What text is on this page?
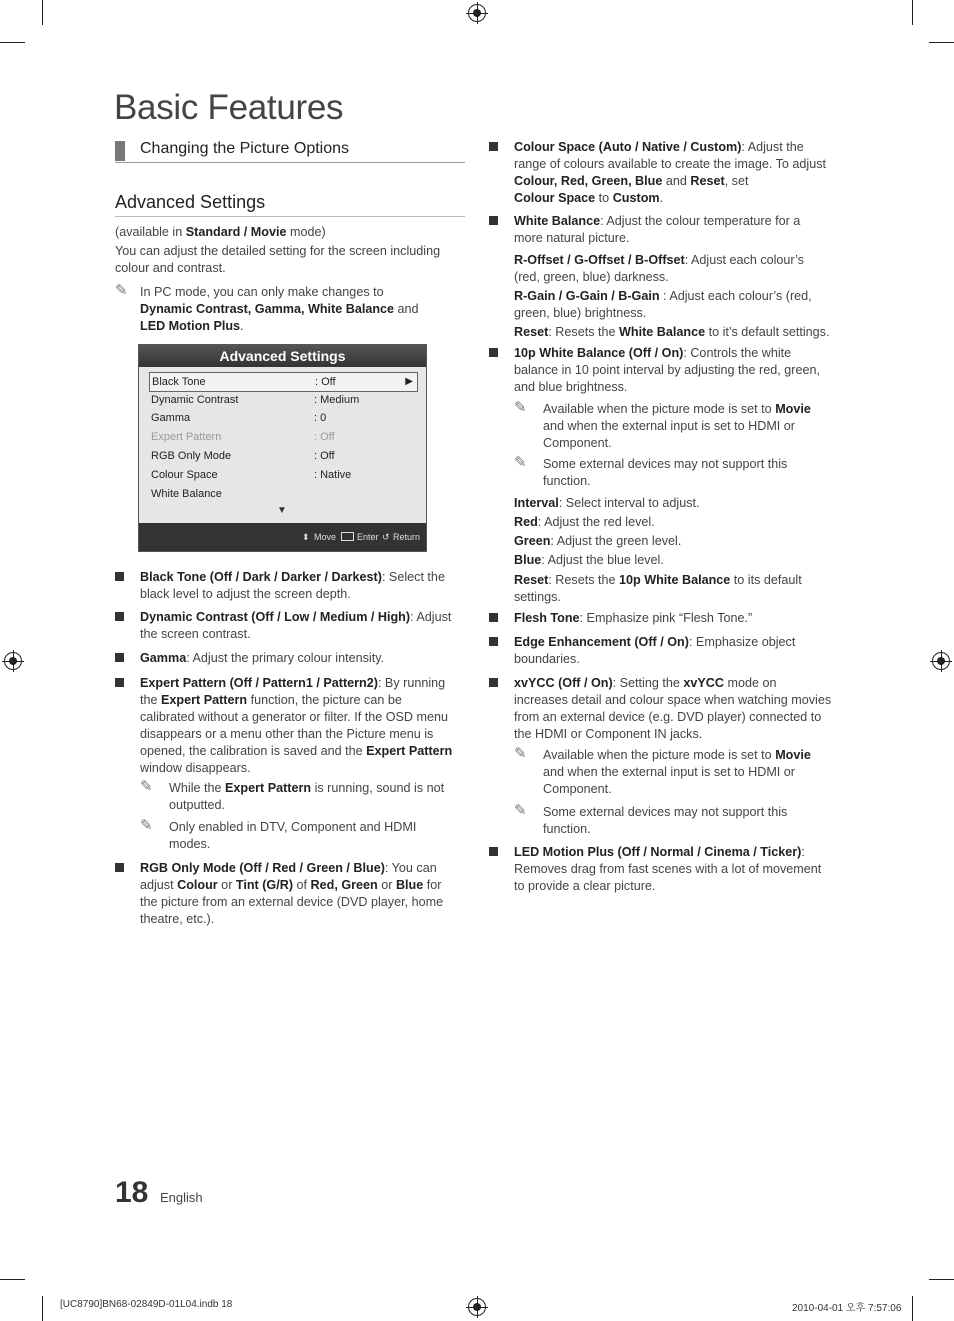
Basic Features
Changing the Picture Options
Advanced Settings
(available in Standard / Movie mode)
You can adjust the detailed setting for the screen including colour and contrast.
✎ In PC mode, you can only make changes to
Dynamic Contrast, Gamma, White Balance and
LED Motion Plus.
Advanced Settings
Black Tone	: Off	▶
Dynamic Contrast	: Medium
Gamma	: 0
Expert Pattern	: Off
RGB Only Mode	: Off
Colour Space	: Native
White Balance
▼
⬍ Move Enter ↺ Return
Black Tone (Off / Dark / Darker / Darkest): Select the
black level to adjust the screen depth.
Dynamic Contrast (Off / Low / Medium / High): Adjust
the screen contrast.
Gamma: Adjust the primary colour intensity.
Expert Pattern (Off / Pattern1 / Pattern2): By running
the Expert Pattern function, the picture can be
calibrated without a generator or filter. If the OSD menu
disappears or a menu other than the Picture menu is
opened, the calibration is saved and the Expert Pattern
window disappears.
✎ While the Expert Pattern is running, sound is not
outputted.
✎ Only enabled in DTV, Component and HDMI
modes.
RGB Only Mode (Off / Red / Green / Blue): You can
adjust Colour or Tint (G/R) of Red, Green or Blue for
the picture from an external device (DVD player, home
theatre, etc.).
Colour Space (Auto / Native / Custom): Adjust the
range of colours available to create the image. To adjust
Colour, Red, Green, Blue and Reset, set
Colour Space to Custom.
White Balance: Adjust the colour temperature for a
more natural picture.
R-Offset / G-Offset / B-Offset: Adjust each colour’s
(red, green, blue) darkness.
R-Gain / G-Gain / B-Gain : Adjust each colour’s (red,
green, blue) brightness.
Reset: Resets the White Balance to it’s default settings.
10p White Balance (Off / On): Controls the white
balance in 10 point interval by adjusting the red, green,
and blue brightness.
✎ Available when the picture mode is set to Movie
and when the external input is set to HDMI or
Component.
✎ Some external devices may not support this
function.
Interval: Select interval to adjust.
Red: Adjust the red level.
Green: Adjust the green level.
Blue: Adjust the blue level.
Reset: Resets the 10p White Balance to its default
settings.
Flesh Tone: Emphasize pink “Flesh Tone.”
Edge Enhancement (Off / On): Emphasize object
boundaries.
xvYCC (Off / On): Setting the xvYCC mode on
increases detail and colour space when watching movies
from an external device (e.g. DVD player) connected to
the HDMI or Component IN jacks.
✎ Available when the picture mode is set to Movie
and when the external input is set to HDMI or
Component.
✎ Some external devices may not support this
function.
LED Motion Plus (Off / Normal / Cinema / Ticker):
Removes drag from fast scenes with a lot of movement
to provide a clear picture.
18 English
[UC8790]BN68-02849D-01L04.indb 18	2010-04-01 오후 7:57:06
